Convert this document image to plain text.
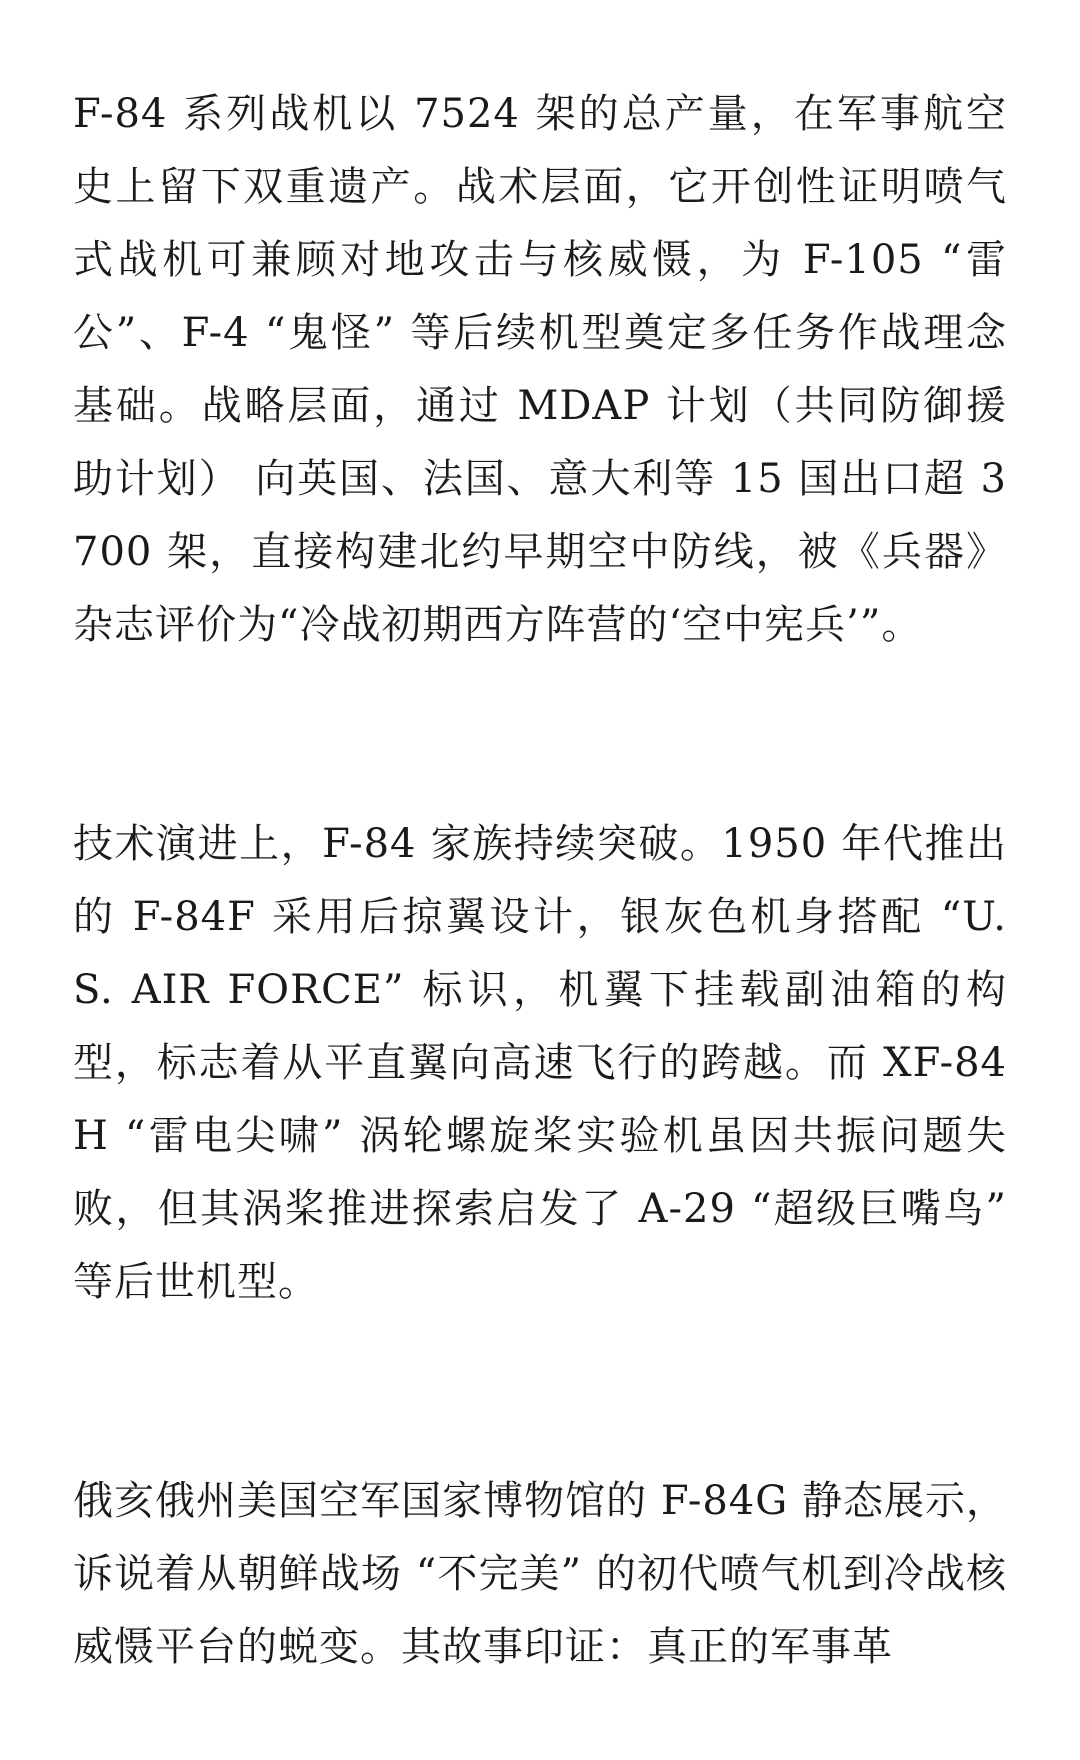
F-84 系列战机以 7524 架的总产量，在军事航空史上留下双重遗产。战术层面，它开创性证明喷气式战机可兼顾对地攻击与核威慑，为 F-105 “雷公”、F-4 “鬼怪” 等后续机型奠定多任务作战理念基础。战略层面，通过 MDAP 计划（共同防御援助计划） 向英国、法国、意大利等 15 国出口超 3700 架，直接构建北约早期空中防线，被《兵器》杂志评价为“冷战初期西方阵营的‘空中宪兵’”。

技术演进上，F-84 家族持续突破。1950 年代推出的 F-84F 采用后掠翼设计，银灰色机身搭配 “U. S. AIR FORCE” 标识，机翼下挂载副油箱的构型，标志着从平直翼向高速飞行的跨越。而 XF-84 H “雷电尖啸” 涡轮螺旋桨实验机虽因共振问题失败，但其涡桨推进探索启发了 A-29 “超级巨嘴鸟” 等后世机型。

俄亥俄州美国空军国家博物馆的 F-84G 静态展示，诉说着从朝鲜战场 “不完美” 的初代喷气机到冷战核威慑平台的蜕变。其故事印证：真正的军事革
